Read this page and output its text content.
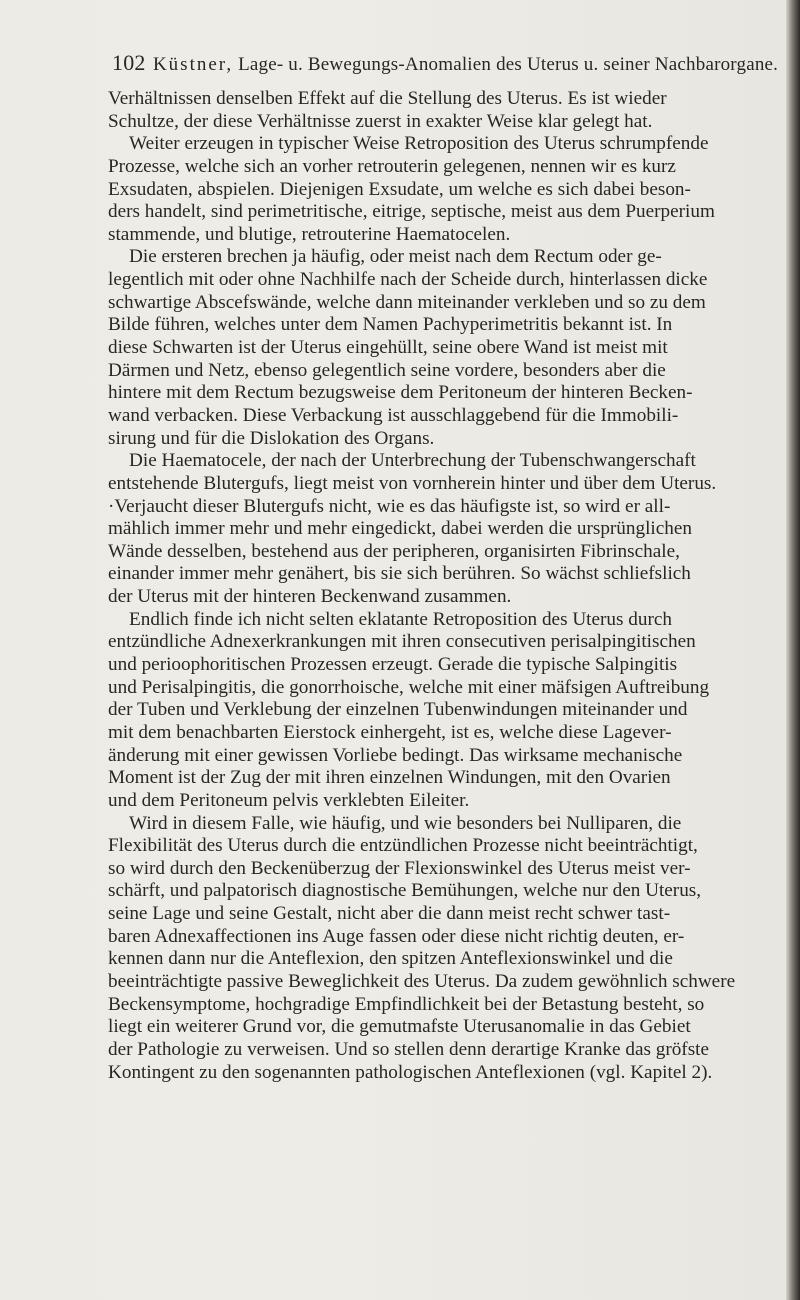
102 Küstner, Lage- u. Bewegungs-Anomalien des Uterus u. seiner Nachbarorgane.
Verhältnissen denselben Effekt auf die Stellung des Uterus. Es ist wieder
Schultze, der diese Verhältnisse zuerst in exakter Weise klar gelegt hat.
Weiter erzeugen in typischer Weise Retroposition des Uterus schrumpfende
Prozesse, welche sich an vorher retrouterin gelegenen, nennen wir es kurz
Exsudaten, abspielen. Diejenigen Exsudate, um welche es sich dabei beson-
ders handelt, sind perimetritische, eitrige, septische, meist aus dem Puerperium
stammende, und blutige, retrouterine Haematocelen.
Die ersteren brechen ja häufig, oder meist nach dem Rectum oder ge-
legentlich mit oder ohne Nachhilfe nach der Scheide durch, hinterlassen dicke
schwartige Abscefswände, welche dann miteinander verkleben und so zu dem
Bilde führen, welches unter dem Namen Pachyperimetritis bekannt ist. In
diese Schwarten ist der Uterus eingehüllt, seine obere Wand ist meist mit
Därmen und Netz, ebenso gelegentlich seine vordere, besonders aber die
hintere mit dem Rectum bezugsweise dem Peritoneum der hinteren Becken-
wand verbacken. Diese Verbackung ist ausschlaggebend für die Immobili-
sirung und für die Dislokation des Organs.
Die Haematocele, der nach der Unterbrechung der Tubenschwangerschaft
entstehende Blutergufs, liegt meist von vornherein hinter und über dem Uterus.
·Verjaucht dieser Blutergufs nicht, wie es das häufigste ist, so wird er all-
mählich immer mehr und mehr eingedickt, dabei werden die ursprünglichen
Wände desselben, bestehend aus der peripheren, organisirten Fibrinschale,
einander immer mehr genähert, bis sie sich berühren. So wächst schliefslich
der Uterus mit der hinteren Beckenwand zusammen.
Endlich finde ich nicht selten eklatante Retroposition des Uterus durch
entzündliche Adnexerkrankungen mit ihren consecutiven perisalpingitischen
und perioophoritischen Prozessen erzeugt. Gerade die typische Salpingitis
und Perisalpingitis, die gonorrhoische, welche mit einer mäfsigen Auftreibung
der Tuben und Verklebung der einzelnen Tubenwindungen miteinander und
mit dem benachbarten Eierstock einhergeht, ist es, welche diese Lagever-
änderung mit einer gewissen Vorliebe bedingt. Das wirksame mechanische
Moment ist der Zug der mit ihren einzelnen Windungen, mit den Ovarien
und dem Peritoneum pelvis verklebten Eileiter.
Wird in diesem Falle, wie häufig, und wie besonders bei Nulliparen, die
Flexibilität des Uterus durch die entzündlichen Prozesse nicht beeinträchtigt,
so wird durch den Beckenüberzug der Flexionswinkel des Uterus meist ver-
schärft, und palpatorisch diagnostische Bemühungen, welche nur den Uterus,
seine Lage und seine Gestalt, nicht aber die dann meist recht schwer tast-
baren Adnexaffectionen ins Auge fassen oder diese nicht richtig deuten, er-
kennen dann nur die Anteflexion, den spitzen Anteflexionswinkel und die
beeinträchtigte passive Beweglichkeit des Uterus. Da zudem gewöhnlich schwere
Beckensymptome, hochgradige Empfindlichkeit bei der Betastung besteht, so
liegt ein weiterer Grund vor, die gemutmafste Uterusanomalie in das Gebiet
der Pathologie zu verweisen. Und so stellen denn derartige Kranke das gröfste
Kontingent zu den sogenannten pathologischen Anteflexionen (vgl. Kapitel 2).
